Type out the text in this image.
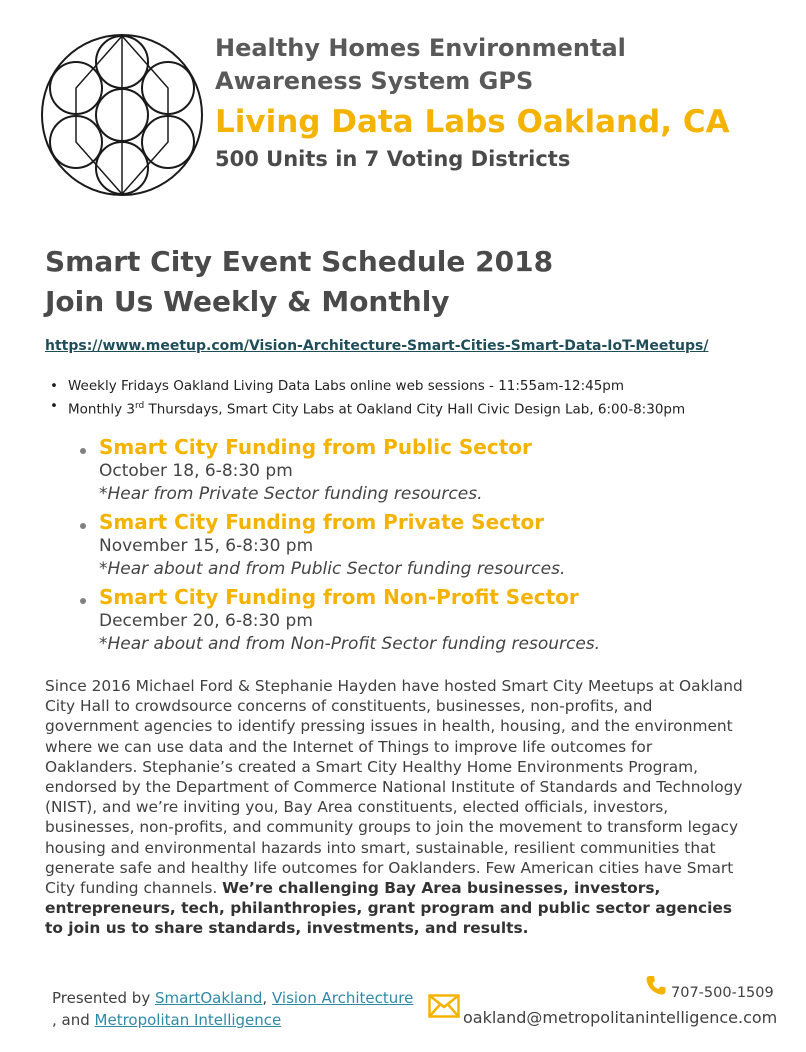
Healthy Homes Environmental
Awareness System GPS
Living Data Labs Oakland, CA
500 Units in 7 Voting Districts
Smart City Event Schedule 2018
Join Us Weekly & Monthly
https://www.meetup.com/Vision-Architecture-Smart-Cities-Smart-Data-IoT-Meetups/
• Weekly Fridays Oakland Living Data Labs online web sessions - 11:55am-12:45pm
• Monthly 3rd Thursdays, Smart City Labs at Oakland City Hall Civic Design Lab, 6:00-8:30pm
Smart City Funding from Public Sector
October 18, 6-8:30 pm
*Hear from Private Sector funding resources.
Smart City Funding from Private Sector
November 15, 6-8:30 pm
*Hear about and from Public Sector funding resources.
Smart City Funding from Non-Profit Sector
December 20, 6-8:30 pm
*Hear about and from Non-Profit Sector funding resources.
Since 2016 Michael Ford & Stephanie Hayden have hosted Smart City Meetups at Oakland City Hall to crowdsource concerns of constituents, businesses, non-profits, and government agencies to identify pressing issues in health, housing, and the environment where we can use data and the Internet of Things to improve life outcomes for Oaklanders. Stephanie’s created a Smart City Healthy Home Environments Program, endorsed by the Department of Commerce National Institute of Standards and Technology (NIST), and we’re inviting you, Bay Area constituents, elected officials, investors, businesses, non-profits, and community groups to join the movement to transform legacy housing and environmental hazards into smart, sustainable, resilient communities that generate safe and healthy life outcomes for Oaklanders. Few American cities have Smart City funding channels. We’re challenging Bay Area businesses, investors, entrepreneurs, tech, philanthropies, grant program and public sector agencies to join us to share standards, investments, and results.
Presented by SmartOakland, Vision Architecture

, and Metropolitan Intelligence
707-500-1509
oakland@metropolitanintelligence.com
